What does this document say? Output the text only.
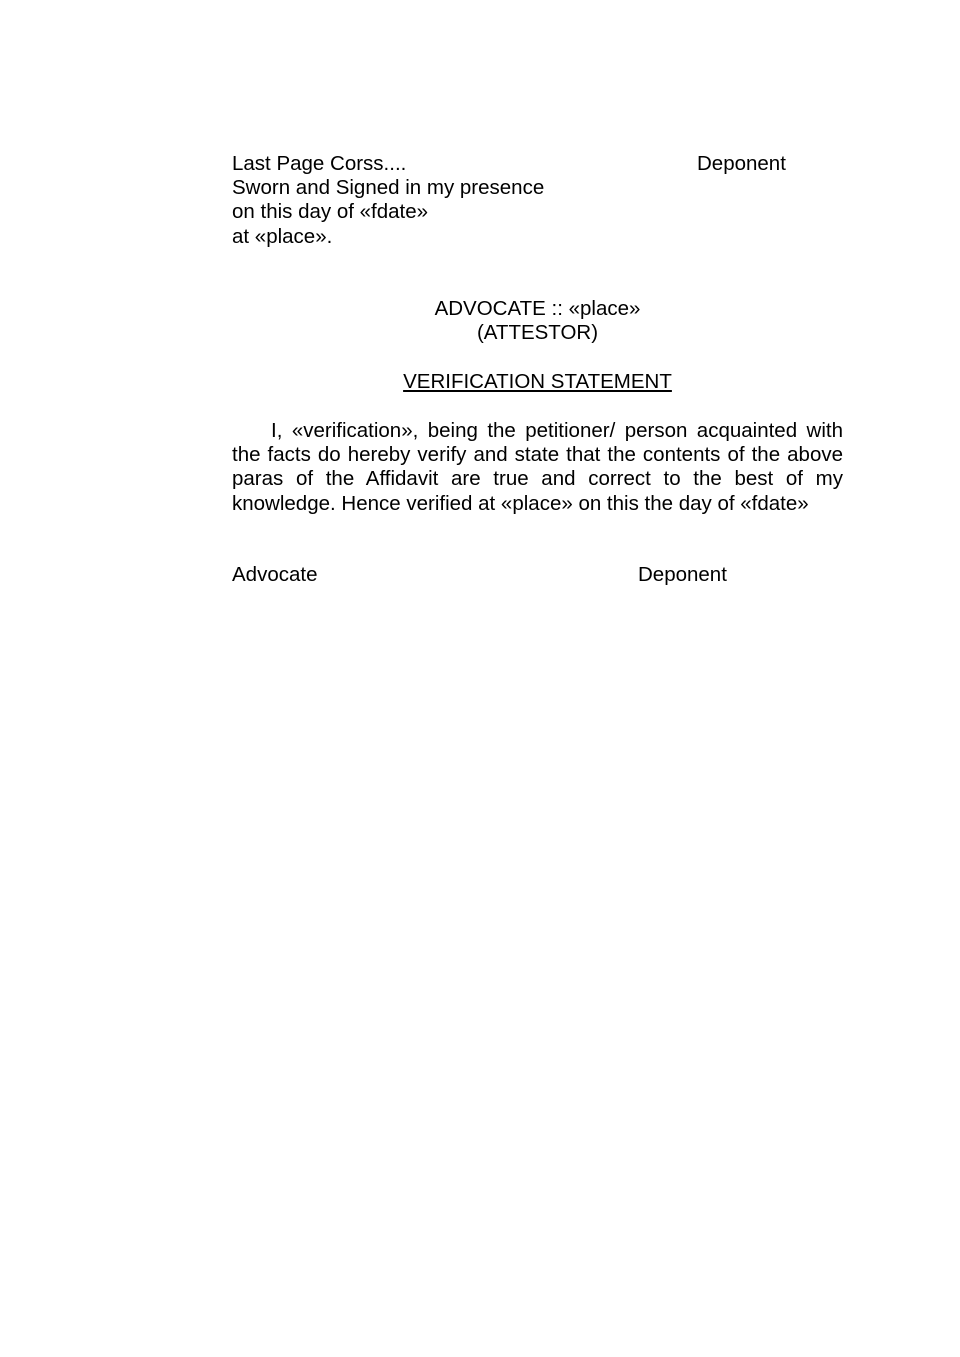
Last Page Corss....
Sworn and Signed in my presence
on this day of «fdate»
at «place».
Deponent
ADVOCATE :: «place»
(ATTESTOR)
VERIFICATION STATEMENT
I, «verification», being the petitioner/ person acquainted with the facts do hereby verify and state that the contents of the above paras of the Affidavit are true and correct to the best of my knowledge. Hence verified at «place» on this the day of «fdate»
Advocate	Deponent
